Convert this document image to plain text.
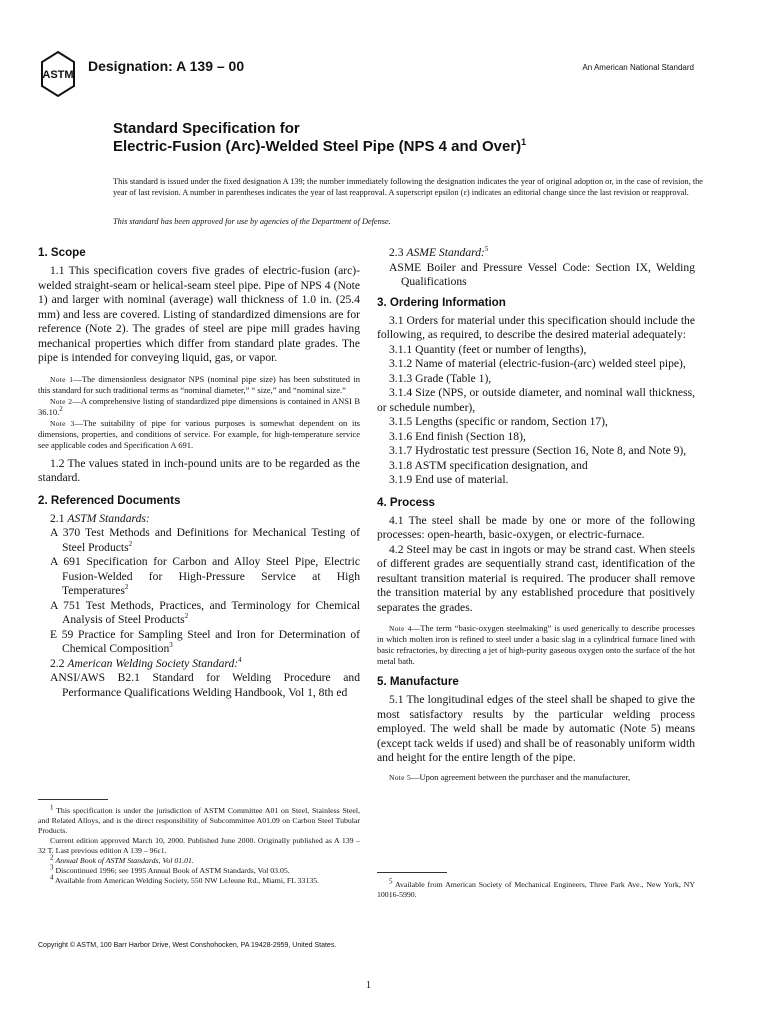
ASTM
Designation: A 139 – 00	An American National Standard
Standard Specification for
Electric-Fusion (Arc)-Welded Steel Pipe (NPS 4 and Over)$^1$
This standard is issued under the fixed designation A 139; the number immediately following the designation indicates the year of original adoption or, in the case of revision, the year of last revision. A number in parentheses indicates the year of last reapproval. A superscript epsilon (ε) indicates an editorial change since the last revision or reapproval.
This standard has been approved for use by agencies of the Department of Defense.
1. Scope

1.1 This specification covers five grades of electric-fusion (arc)-welded straight-seam or helical-seam steel pipe. Pipe of NPS 4 (Note 1) and larger with nominal (average) wall thickness of 1.0 in. (25.4 mm) and less are covered. Listing of standardized dimensions are for reference (Note 2). The grades of steel are pipe mill grades having mechanical properties which differ from standard plate grades. The pipe is intended for conveying liquid, gas, or vapor.

Note 1—The dimensionless designator NPS (nominal pipe size) has been substituted in this standard for such traditional terms as “nominal diameter,” “ size,” and “nominal size.”

Note 2—A comprehensive listing of standardized pipe dimensions is contained in ANSI B 36.10.$^2$

Note 3—The suitability of pipe for various purposes is somewhat dependent on its dimensions, properties, and conditions of service. For example, for high-temperature service see applicable codes and Specification A 691.

1.2 The values stated in inch-pound units are to be regarded as the standard.

2. Referenced Documents

2.1 ASTM Standards:

A 370 Test Methods and Definitions for Mechanical Testing of Steel Products$^2$

A 691 Specification for Carbon and Alloy Steel Pipe, Electric Fusion-Welded for High-Pressure Service at High Temperatures$^2$

A 751 Test Methods, Practices, and Terminology for Chemical Analysis of Steel Products$^2$

E 59 Practice for Sampling Steel and Iron for Determination of Chemical Composition$^3$

2.2 American Welding Society Standard:$^4$

ANSI/AWS B2.1 Standard for Welding Procedure and Performance Qualifications Welding Handbook, Vol 1, 8th ed

$^1$ This specification is under the jurisdiction of ASTM Committee A01 on Steel, Stainless Steel, and Related Alloys, and is the direct responsibility of Subcommittee A01.09 on Carbon Steel Tubular Products.

Current edition approved March 10, 2000. Published June 2000. Originally published as A 139 – 32 T. Last previous edition A 139 – 96ε1.

$^2$ Annual Book of ASTM Standards, Vol 01.01.

$^3$ Discontinued 1996; see 1995 Annual Book of ASTM Standards, Vol 03.05.

$^4$ Available from American Welding Society, 550 NW LeJeune Rd., Miami, FL 33135.

2.3 ASME Standard:$^5$

ASME Boiler and Pressure Vessel Code: Section IX, Welding Qualifications

3. Ordering Information

3.1 Orders for material under this specification should include the following, as required, to describe the desired material adequately:

3.1.1 Quantity (feet or number of lengths),

3.1.2 Name of material (electric-fusion-(arc) welded steel pipe),

3.1.3 Grade (Table 1),

3.1.4 Size (NPS, or outside diameter, and nominal wall thickness, or schedule number),

3.1.5 Lengths (specific or random, Section 17),

3.1.6 End finish (Section 18),

3.1.7 Hydrostatic test pressure (Section 16, Note 8, and Note 9),

3.1.8 ASTM specification designation, and

3.1.9 End use of material.

4. Process

4.1 The steel shall be made by one or more of the following processes: open-hearth, basic-oxygen, or electric-furnace.

4.2 Steel may be cast in ingots or may be strand cast. When steels of different grades are sequentially strand cast, identification of the resultant transition material is required. The producer shall remove the transition material by any established procedure that positively separates the grades.

Note 4—The term “basic-oxygen steelmaking” is used generically to describe processes in which molten iron is refined to steel under a basic slag in a cylindrical furnace lined with basic refractories, by directing a jet of high-purity gaseous oxygen onto the surface of the hot metal bath.

5. Manufacture

5.1 The longitudinal edges of the steel shall be shaped to give the most satisfactory results by the particular welding process employed. The weld shall be made by automatic (Note 5) means (except tack welds if used) and shall be of reasonably uniform width and height for the entire length of the pipe.

Note 5—Upon agreement between the purchaser and the manufacturer,

$^5$ Available from American Society of Mechanical Engineers, Three Park Ave., New York, NY 10016-5990.

Copyright © ASTM, 100 Barr Harbor Drive, West Conshohocken, PA 19428-2959, United States.
1
